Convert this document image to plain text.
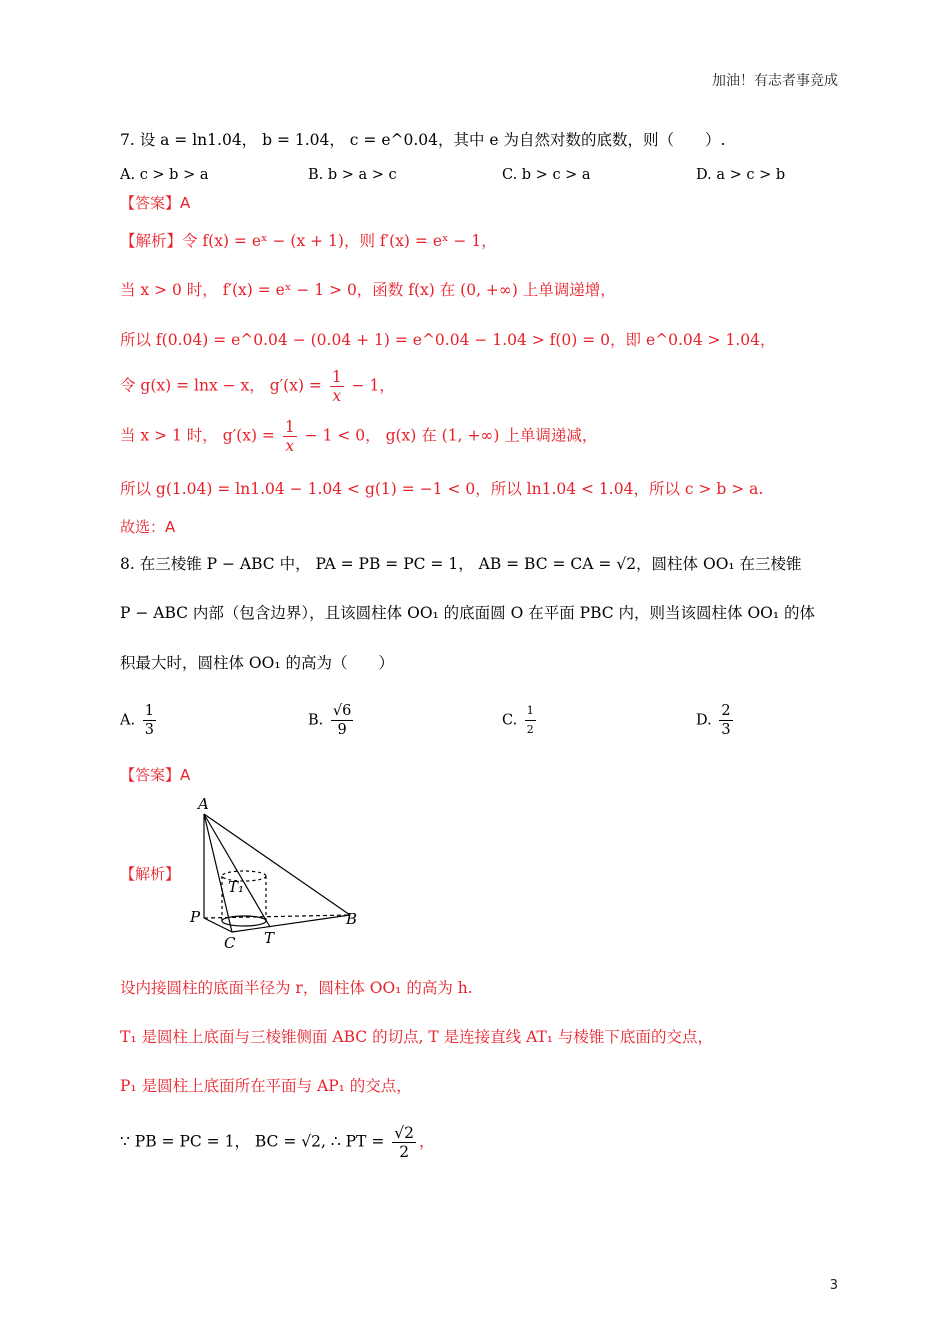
加油！有志者事竞成
7. 设 a = ln1.04， b = 1.04， c = e^0.04，其中 e 为自然对数的底数，则（　　）.
A. c > b > a	B. b > a > c	C. b > c > a	D. a > c > b
【答案】A
【解析】令 f(x) = eˣ − (x + 1)，则 f′(x) = eˣ − 1，
当 x > 0 时， f′(x) = eˣ − 1 > 0，函数 f(x) 在 (0, +∞) 上单调递增，
所以 f(0.04) = e^0.04 − (0.04 + 1) = e^0.04 − 1.04 > f(0) = 0，即 e^0.04 > 1.04，
令 g(x) = lnx − x， $g'(x) = \frac{1}{x} - 1$，
当 x > 1 时， $g'(x) = \frac{1}{x} - 1 < 0$， g(x) 在 (1, +∞) 上单调递减，
所以 g(1.04) = ln1.04 − 1.04 < g(1) = −1 < 0，所以 ln1.04 < 1.04，所以 c > b > a.
故选：A
8. 在三棱锥 P − ABC 中， PA = PB = PC = 1， AB = BC = CA = √2，圆柱体 OO₁ 在三棱锥
P − ABC 内部（包含边界），且该圆柱体 OO₁ 的底面圆 O 在平面 PBC 内，则当该圆柱体 OO₁ 的体
积最大时，圆柱体 OO₁ 的高为（　　）
A. $\frac{1}{3}$	B. $\frac{√6}{9}$	C. $\frac{1}{2}$	D. $\frac{2}{3}$
【答案】A
【解析】
A
P	B
C T
T₁
设内接圆柱的底面半径为 r，圆柱体 OO₁ 的高为 h.
T₁ 是圆柱上底面与三棱锥侧面 ABC 的切点, T 是连接直线 AT₁ 与棱锥下底面的交点，
P₁ 是圆柱上底面所在平面与 AP₁ 的交点，
∵ PB = PC = 1， BC = √2, ∴ PT = $\frac{√2}{2}$ ，
3
